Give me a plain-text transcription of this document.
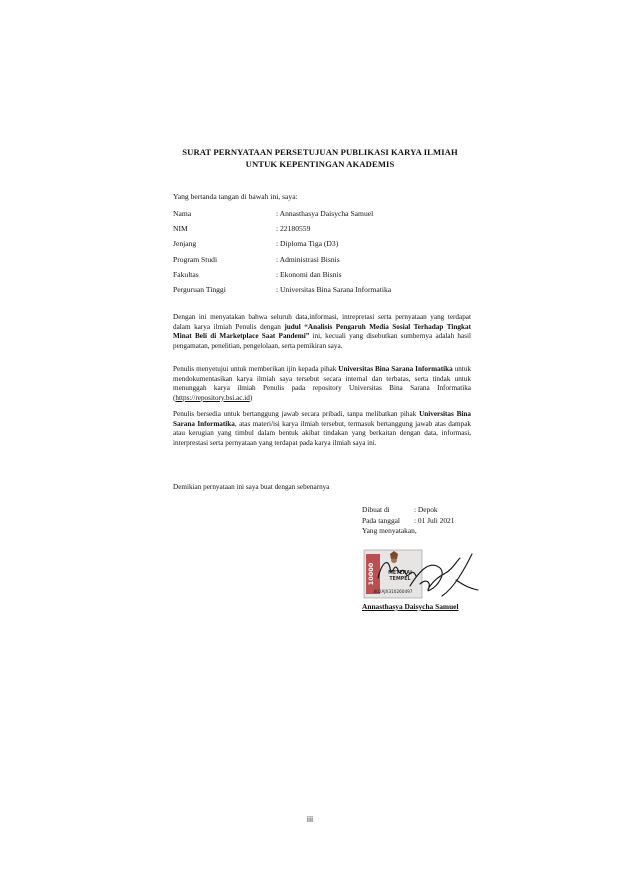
SURAT PERNYATAAN PERSETUJUAN PUBLIKASI KARYA ILMIAH
UNTUK KEPENTINGAN AKADEMIS
Yang bertanda tangan di bawah ini, saya:
Nama	: Annasthasya Daisycha Samuel
NIM	: 22180559
Jenjang	: Diploma Tiga (D3)
Program Studi	: Administrasi Bisnis
Fakultas	: Ekonomi dan Bisnis
Perguruan Tinggi	: Universitas Bina Sarana Informatika
Dengan ini menyatakan bahwa seluruh data,informasi, intrepretasi serta pernyataan yang terdapat dalam karya ilmiah Penulis dengan judul “Analisis Pengaruh Media Sosial Terhadap Tingkat Minat Beli di Marketplace Saat Pandemi” ini, kecuali yang disebutkan sumbernya adalah hasil pengamatan, penelitian, pengelolaan, serta pemikiran saya.
Penulis menyetujui untuk memberikan ijin kepada pihak Universitas Bina Sarana Informatika untuk mendokumentasikan karya ilmiah saya tersebut secara internal dan terbatas, serta tindak untuk menunggah karya ilmiah Penulis pada repository Universitas Bina Sarana Informatika (https://repository.bsi.ac.id)
Penulis bersedia untuk bertanggung jawab secara pribadi, tanpa melibatkan pihak Universitas Bina Sarana Informatika, atas materi/isi karya ilmiah tersebut, termasuk bertanggung jawab atas dampak atau kerugian yang timbul dalam bentuk akibat tindakan yang berkaitan dengan data, informasi, interprestasi serta pernyataan yang terdapat pada karya ilmiah saya ini.
Demikian pernyataan ini saya buat dengan sebenarnya
Dibuat di	: Depok
Pada tanggal	: 01 Juli 2021
Yang menyatakan,
10000	METERAI
TEMPEL
802AJX310260497
Annasthasya Daisycha Samuel
iii
